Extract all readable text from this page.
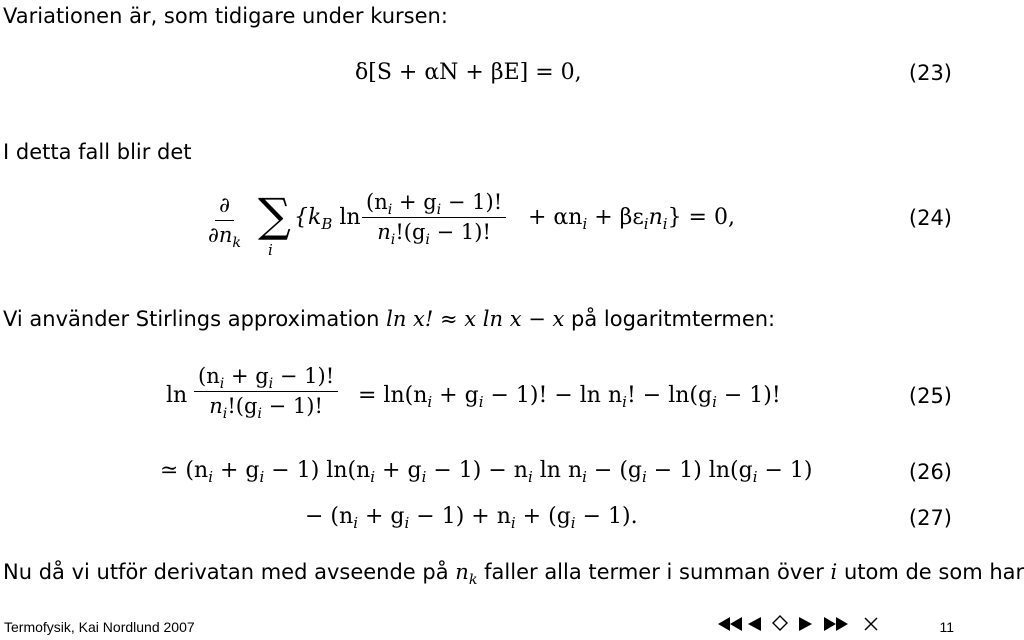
Variationen är, som tidigare under kursen:
δ[S + αN + βE] = 0,	(23)
I detta fall blir det
∂
$\partial n_k$
∑
i
{$k_B$ $\ln \frac{(n_i + g_i - 1)!}{n_i!(g_i - 1)!} + \alpha n_i + \beta\varepsilon_in_i\} = 0$,	(24)
Vi använder Stirlings approximation ln x! ≈ x ln x − x på logaritmtermen:
$\ln \frac{(n_i + g_i - 1)!}{n_i!(g_i - 1)!} = \ln(n_i + g_i - 1)$! − $\ln n_i$! − $\ln(g_i - 1)$!	(25)
≃ $(n_i + g_i - 1) \ln(n_i + g_i - 1) - n_i$ $\ln n_i - (g_i - 1) \ln(g_i - 1)$	(26)
− $(n_i + g_i - 1) + n_i + (g_i - 1)$.	(27)
Nu då vi utför derivatan med avseende på $n_k$ faller alla termer i summan över i utom de som har
Termofysik, Kai Nordlund 2007	11
